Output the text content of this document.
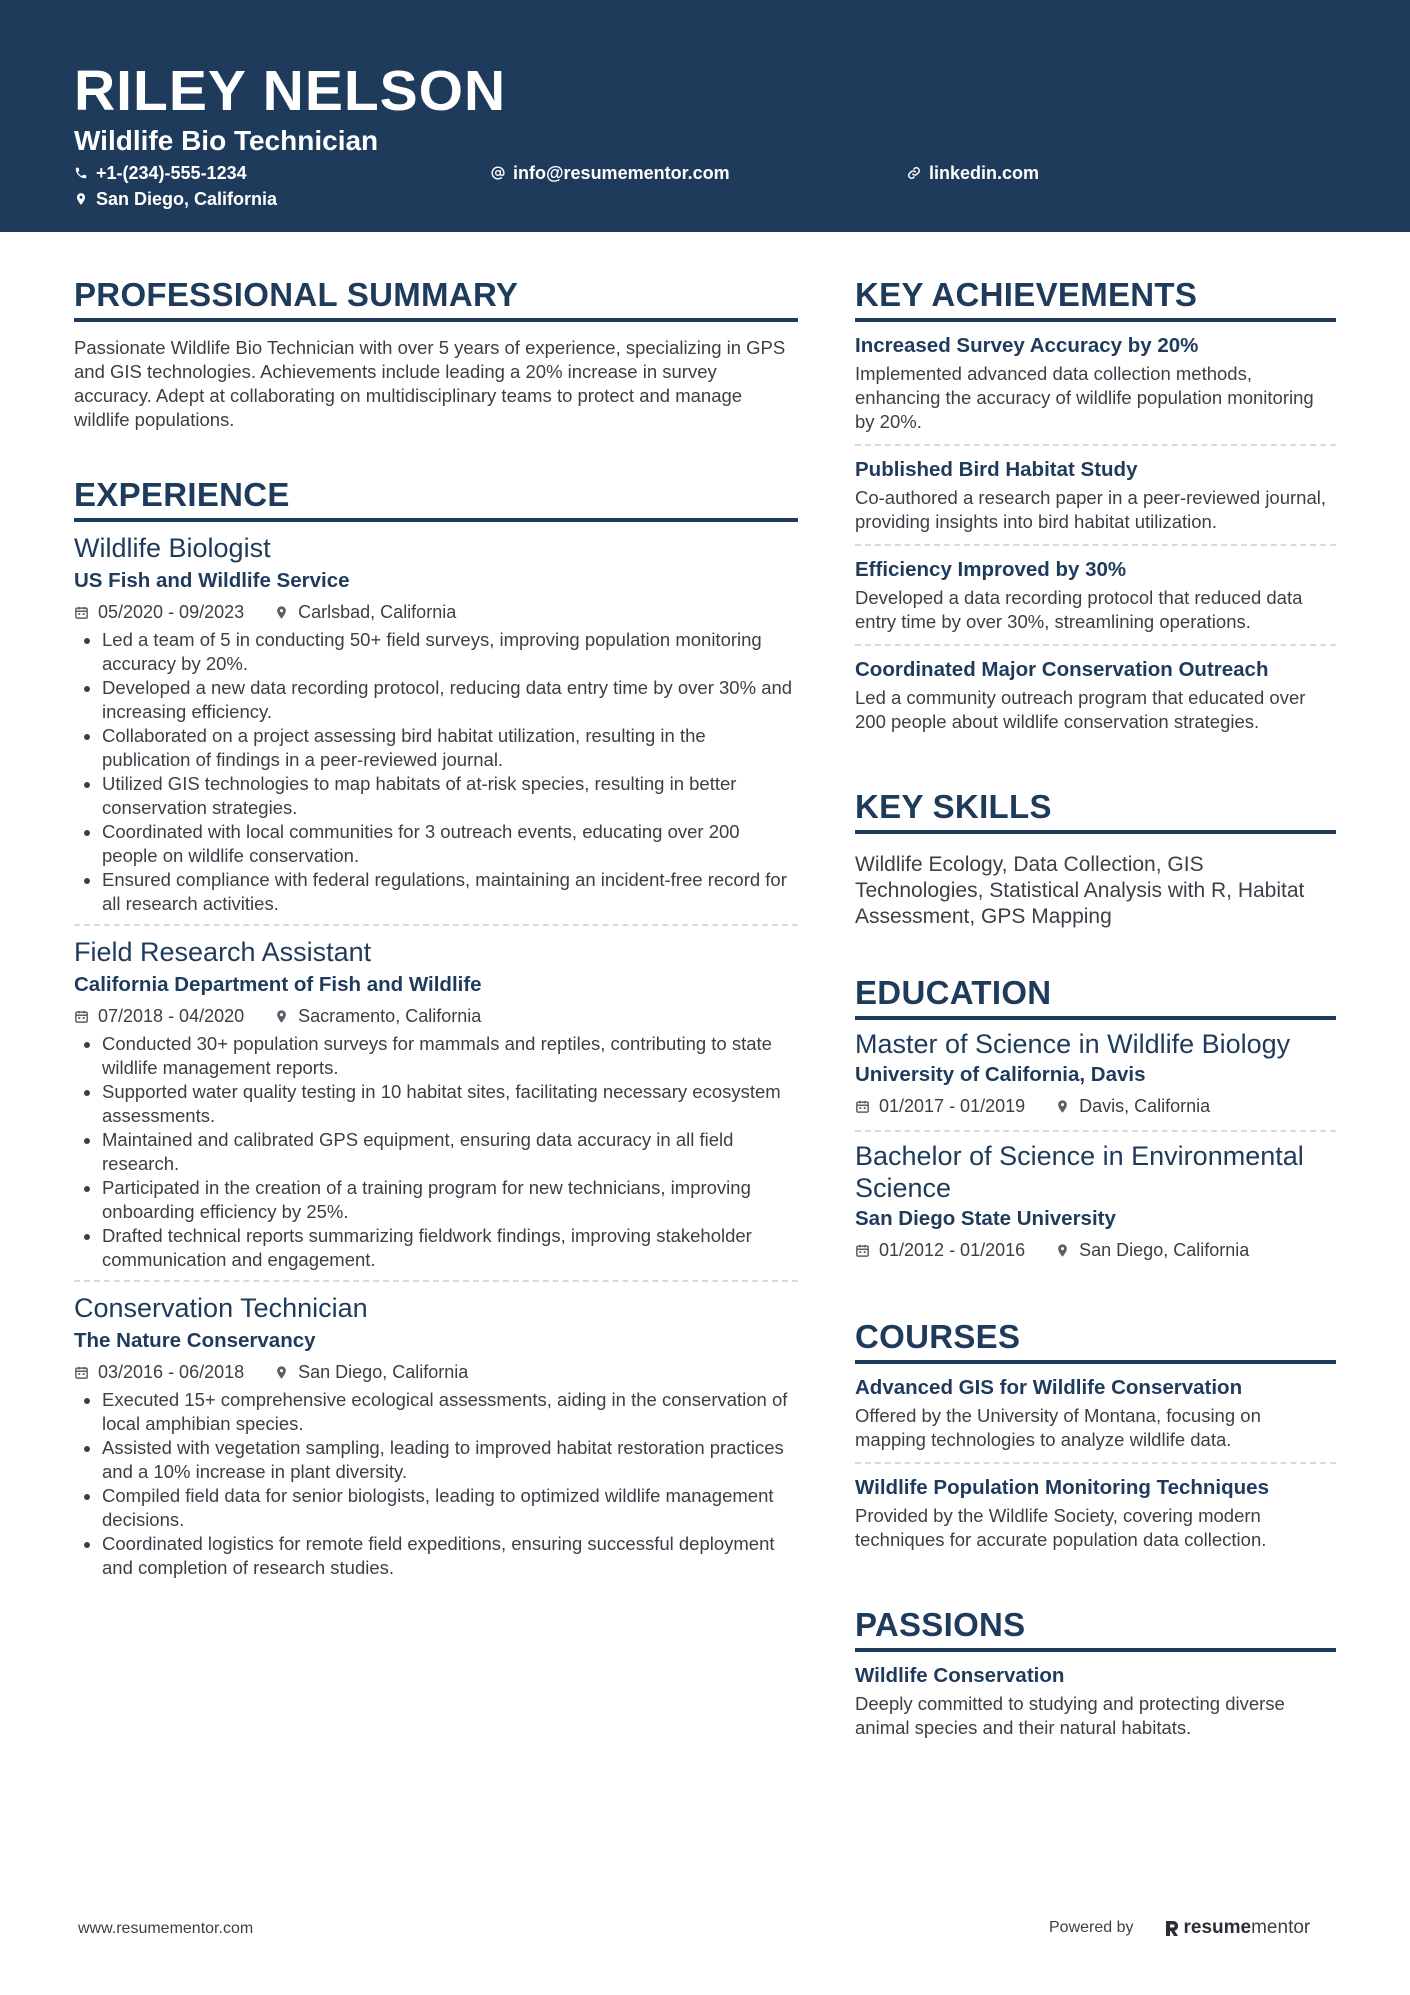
RILEY NELSON
Wildlife Bio Technician
+1-(234)-555-1234	info@resumementor.com	linkedin.com
San Diego, California
PROFESSIONAL SUMMARY

Passionate Wildlife Bio Technician with over 5 years of experience, specializing in GPS and GIS technologies. Achievements include leading a 20% increase in survey accuracy. Adept at collaborating on multidisciplinary teams to protect and manage wildlife populations.

EXPERIENCE
Wildlife Biologist
US Fish and Wildlife Service
05/2020 - 09/2023	Carlsbad, California
• Led a team of 5 in conducting 50+ field surveys, improving population monitoring accuracy by 20%.
• Developed a new data recording protocol, reducing data entry time by over 30% and increasing efficiency.
• Collaborated on a project assessing bird habitat utilization, resulting in the publication of findings in a peer-reviewed journal.
• Utilized GIS technologies to map habitats of at-risk species, resulting in better conservation strategies.
• Coordinated with local communities for 3 outreach events, educating over 200 people on wildlife conservation.
• Ensured compliance with federal regulations, maintaining an incident-free record for all research activities.
Field Research Assistant
California Department of Fish and Wildlife
07/2018 - 04/2020	Sacramento, California
• Conducted 30+ population surveys for mammals and reptiles, contributing to state wildlife management reports.
• Supported water quality testing in 10 habitat sites, facilitating necessary ecosystem assessments.
• Maintained and calibrated GPS equipment, ensuring data accuracy in all field research.
• Participated in the creation of a training program for new technicians, improving onboarding efficiency by 25%.
• Drafted technical reports summarizing fieldwork findings, improving stakeholder communication and engagement.
Conservation Technician
The Nature Conservancy
03/2016 - 06/2018	San Diego, California
• Executed 15+ comprehensive ecological assessments, aiding in the conservation of local amphibian species.
• Assisted with vegetation sampling, leading to improved habitat restoration practices and a 10% increase in plant diversity.
• Compiled field data for senior biologists, leading to optimized wildlife management decisions.
• Coordinated logistics for remote field expeditions, ensuring successful deployment and completion of research studies.
KEY ACHIEVEMENTS
Increased Survey Accuracy by 20%

Implemented advanced data collection methods, enhancing the accuracy of wildlife population monitoring by 20%.

Published Bird Habitat Study

Co-authored a research paper in a peer-reviewed journal, providing insights into bird habitat utilization.

Efficiency Improved by 30%

Developed a data recording protocol that reduced data entry time by over 30%, streamlining operations.

Coordinated Major Conservation Outreach

Led a community outreach program that educated over 200 people about wildlife conservation strategies.

KEY SKILLS

Wildlife Ecology, Data Collection, GIS Technologies, Statistical Analysis with R, Habitat Assessment, GPS Mapping

EDUCATION
Master of Science in Wildlife Biology
University of California, Davis
01/2017 - 01/2019	Davis, California
Bachelor of Science in Environmental Science
San Diego State University
01/2012 - 01/2016	San Diego, California
COURSES
Advanced GIS for Wildlife Conservation

Offered by the University of Montana, focusing on mapping technologies to analyze wildlife data.

Wildlife Population Monitoring Techniques

Provided by the Wildlife Society, covering modern techniques for accurate population data collection.

PASSIONS
Wildlife Conservation

Deeply committed to studying and protecting diverse animal species and their natural habitats.

www.resumementor.com	Powered by	resume mentor
